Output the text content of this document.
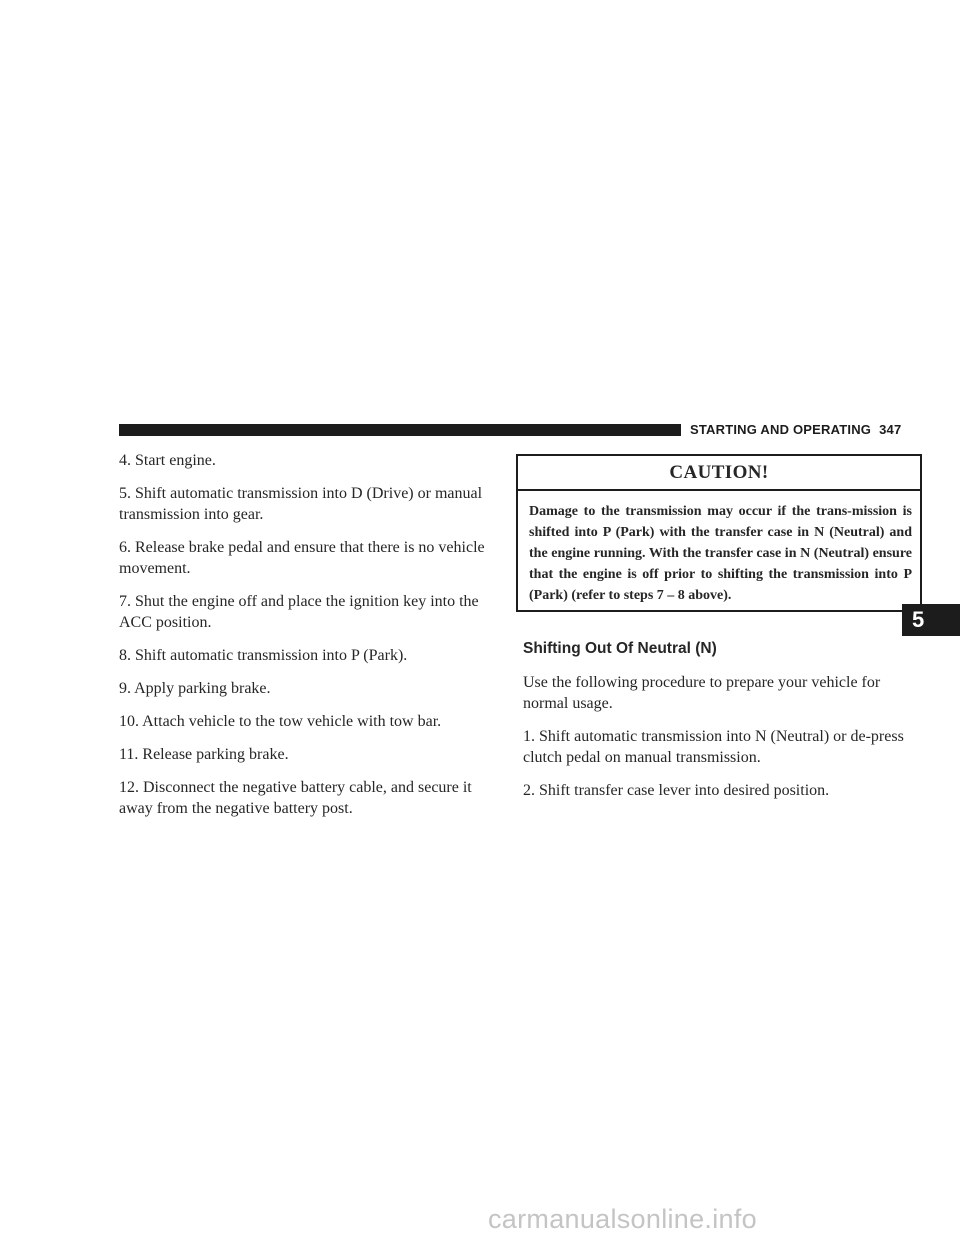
STARTING AND OPERATING 347

4. Start engine.

5. Shift automatic transmission into D (Drive) or manual transmission into gear.

6. Release brake pedal and ensure that there is no vehicle movement.

7. Shut the engine off and place the ignition key into the ACC position.

8. Shift automatic transmission into P (Park).

9. Apply parking brake.

10. Attach vehicle to the tow vehicle with tow bar.

11. Release parking brake.

12. Disconnect the negative battery cable, and secure it away from the negative battery post.

CAUTION!
Damage to the transmission may occur if the trans-mission is shifted into P (Park) with the transfer case in N (Neutral) and the engine running. With the transfer case in N (Neutral) ensure that the engine is off prior to shifting the transmission into P (Park) (refer to steps 7 – 8 above).
Shifting Out Of Neutral (N)

Use the following procedure to prepare your vehicle for normal usage.

1. Shift automatic transmission into N (Neutral) or de-press clutch pedal on manual transmission.

2. Shift transfer case lever into desired position.

5
carmanualsonline.info
